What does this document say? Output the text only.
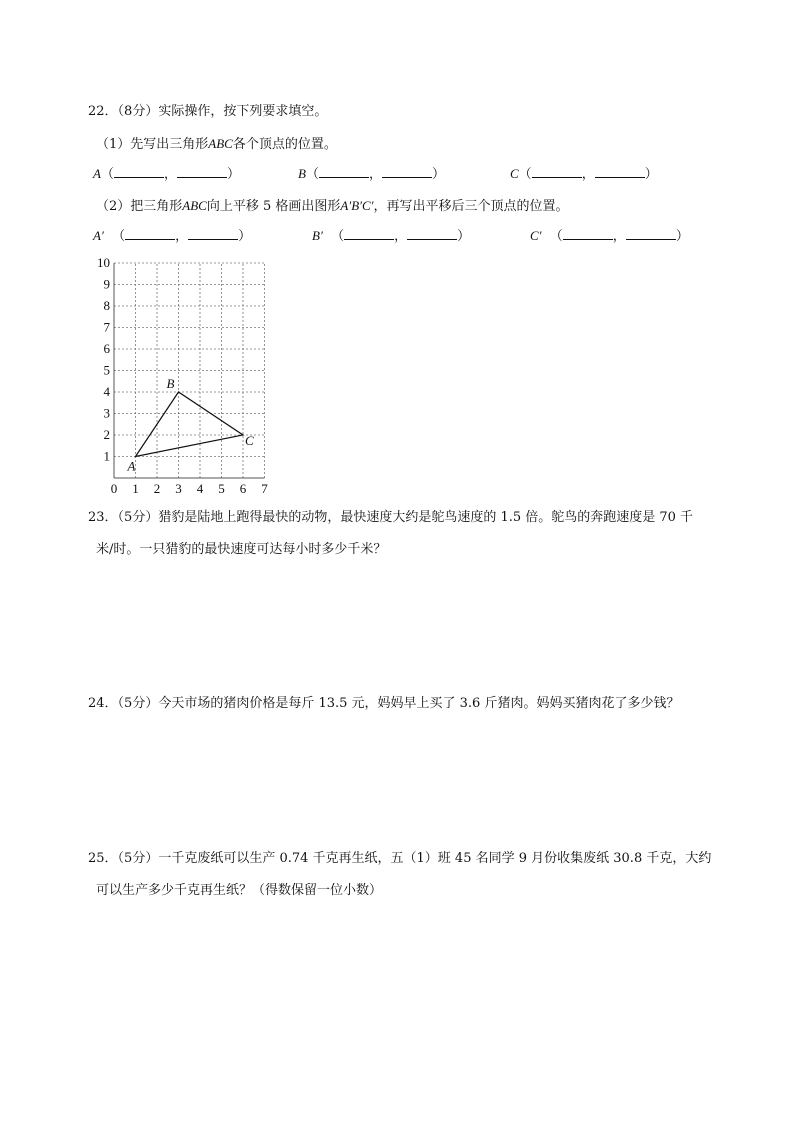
22．（8分）实际操作，按下列要求填空。
（1）先写出三角形ABC各个顶点的位置。
A（	，	）	B（	，	）	C（	，	）
（2）把三角形ABC向上平移 5 格画出图形A′B′C′，再写出平移后三个顶点的位置。
A′ （	，	）	B′ （	，	）	C′ （	，	）
0 1 2 3 4 5 6 7
1
2
3
4
5
6
7
8
9
10
A
B
C
23．（5分）猎豹是陆地上跑得最快的动物，最快速度大约是鸵鸟速度的 1.5 倍。鸵鸟的奔跑速度是 70 千
米/时。一只猎豹的最快速度可达每小时多少千米？
24．（5分）今天市场的猪肉价格是每斤 13.5 元，妈妈早上买了 3.6 斤猪肉。妈妈买猪肉花了多少钱？
25．（5分）一千克废纸可以生产 0.74 千克再生纸，五（1）班 45 名同学 9 月份收集废纸 30.8 千克，大约
可以生产多少千克再生纸？（得数保留一位小数）
